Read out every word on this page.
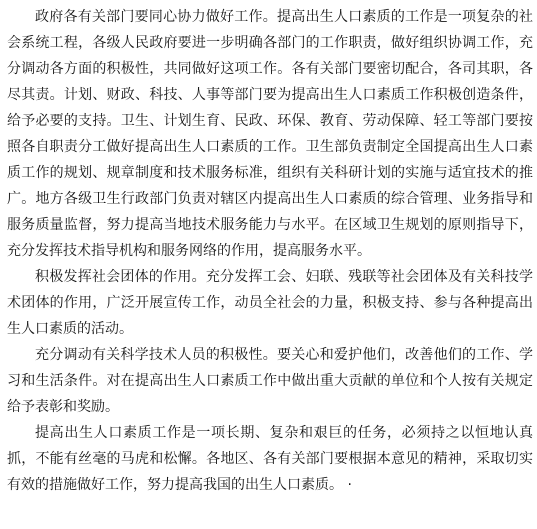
政府各有关部门要同心协力做好工作。提高出生人口素质的工作是一项复杂的社会系统工程，各级人民政府要进一步明确各部门的工作职责，做好组织协调工作，充分调动各方面的积极性，共同做好这项工作。各有关部门要密切配合，各司其职，各尽其责。计划、财政、科技、人事等部门要为提高出生人口素质工作积极创造条件，给予必要的支持。卫生、计划生育、民政、环保、教育、劳动保障、轻工等部门要按照各自职责分工做好提高出生人口素质的工作。卫生部负责制定全国提高出生人口素质工作的规划、规章制度和技术服务标准，组织有关科研计划的实施与适宜技术的推广。地方各级卫生行政部门负责对辖区内提高出生人口素质的综合管理、业务指导和服务质量监督，努力提高当地技术服务能力与水平。在区域卫生规划的原则指导下，充分发挥技术指导机构和服务网络的作用，提高服务水平。

积极发挥社会团体的作用。充分发挥工会、妇联、残联等社会团体及有关科技学术团体的作用，广泛开展宣传工作，动员全社会的力量，积极支持、参与各种提高出生人口素质的活动。

充分调动有关科学技术人员的积极性。要关心和爱护他们，改善他们的工作、学习和生活条件。对在提高出生人口素质工作中做出重大贡献的单位和个人按有关规定给予表彰和奖励。

提高出生人口素质工作是一项长期、复杂和艰巨的任务，必须持之以恒地认真抓，不能有丝毫的马虎和松懈。各地区、各有关部门要根据本意见的精神，采取切实有效的措施做好工作，努力提高我国的出生人口素质。 ·
